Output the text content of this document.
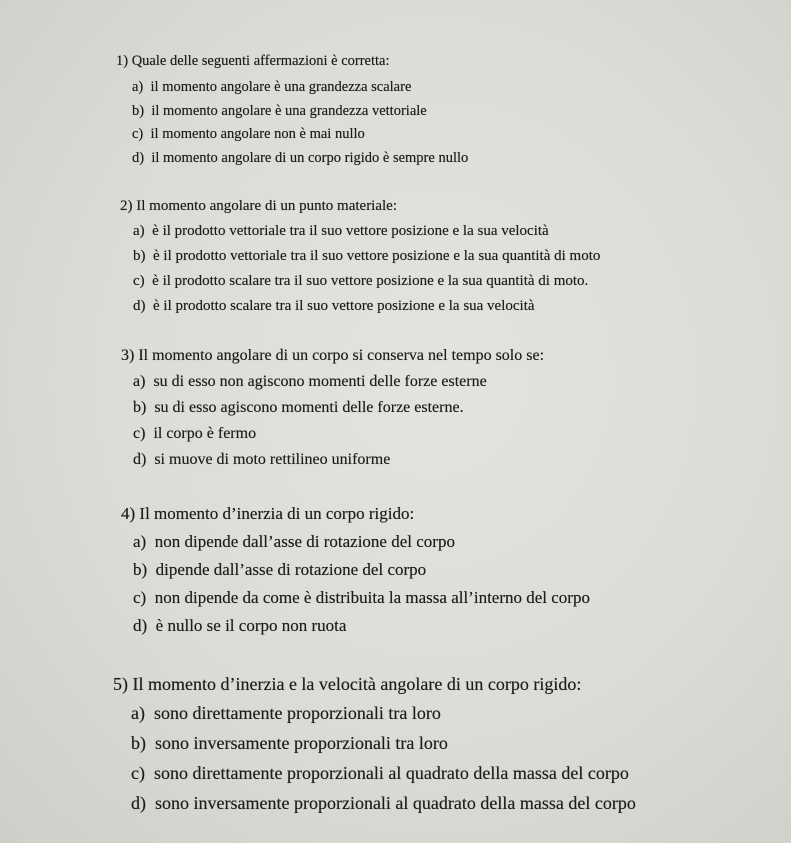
1) Quale delle seguenti affermazioni è corretta:

a) il momento angolare è una grandezza scalare
b) il momento angolare è una grandezza vettoriale
c) il momento angolare non è mai nullo
d) il momento angolare di un corpo rigido è sempre nullo

2) Il momento angolare di un punto materiale:

a) è il prodotto vettoriale tra il suo vettore posizione e la sua velocità
b) è il prodotto vettoriale tra il suo vettore posizione e la sua quantità di moto
c) è il prodotto scalare tra il suo vettore posizione e la sua quantità di moto.
d) è il prodotto scalare tra il suo vettore posizione e la sua velocità

3) Il momento angolare di un corpo si conserva nel tempo solo se:

a) su di esso non agiscono momenti delle forze esterne
b) su di esso agiscono momenti delle forze esterne.
c) il corpo è fermo
d) si muove di moto rettilineo uniforme

4) Il momento d’inerzia di un corpo rigido:

a) non dipende dall’asse di rotazione del corpo
b) dipende dall’asse di rotazione del corpo
c) non dipende da come è distribuita la massa all’interno del corpo
d) è nullo se il corpo non ruota

5) Il momento d’inerzia e la velocità angolare di un corpo rigido:

a) sono direttamente proporzionali tra loro
b) sono inversamente proporzionali tra loro
c) sono direttamente proporzionali al quadrato della massa del corpo
d) sono inversamente proporzionali al quadrato della massa del corpo
